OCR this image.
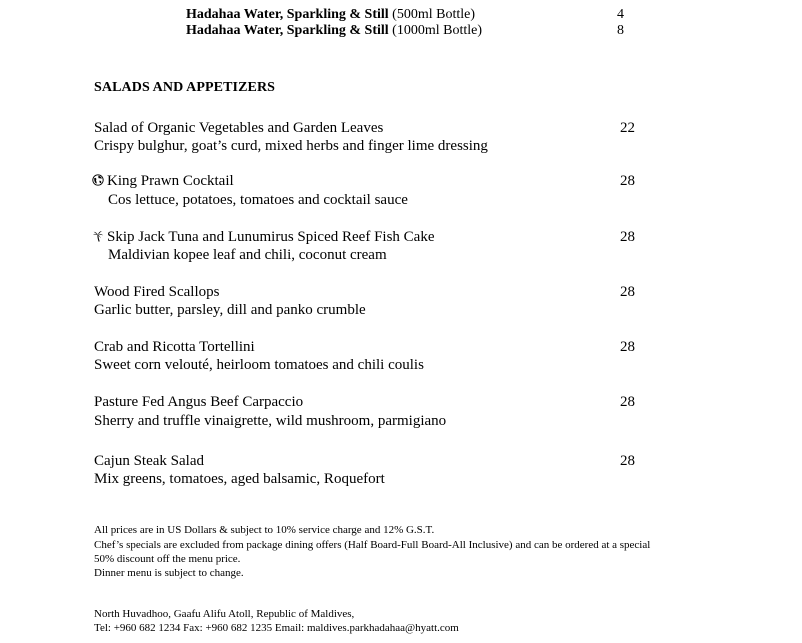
Hadahaa Water, Sparkling & Still (500ml Bottle)	4
Hadahaa Water, Sparkling & Still (1000ml Bottle)	8
SALADS AND APPETIZERS
Salad of Organic Vegetables and Garden Leaves	22
Crispy bulghur, goat’s curd, mixed herbs and finger lime dressing
King Prawn Cocktail	28
Cos lettuce, potatoes, tomatoes and cocktail sauce
Skip Jack Tuna and Lunumirus Spiced Reef Fish Cake	28
Maldivian kopee leaf and chili, coconut cream
Wood Fired Scallops	28
Garlic butter, parsley, dill and panko crumble
Crab and Ricotta Tortellini	28
Sweet corn velouté, heirloom tomatoes and chili coulis
Pasture Fed Angus Beef Carpaccio	28
Sherry and truffle vinaigrette, wild mushroom, parmigiano
Cajun Steak Salad	28
Mix greens, tomatoes, aged balsamic, Roquefort
All prices are in US Dollars & subject to 10% service charge and 12% G.S.T.
Chef’s specials are excluded from package dining offers (Half Board-Full Board-All Inclusive) and can be ordered at a special
50% discount off the menu price.
Dinner menu is subject to change.
North Huvadhoo, Gaafu Alifu Atoll, Republic of Maldives,
Tel: +960 682 1234 Fax: +960 682 1235 Email: maldives.parkhadahaa@hyatt.com
